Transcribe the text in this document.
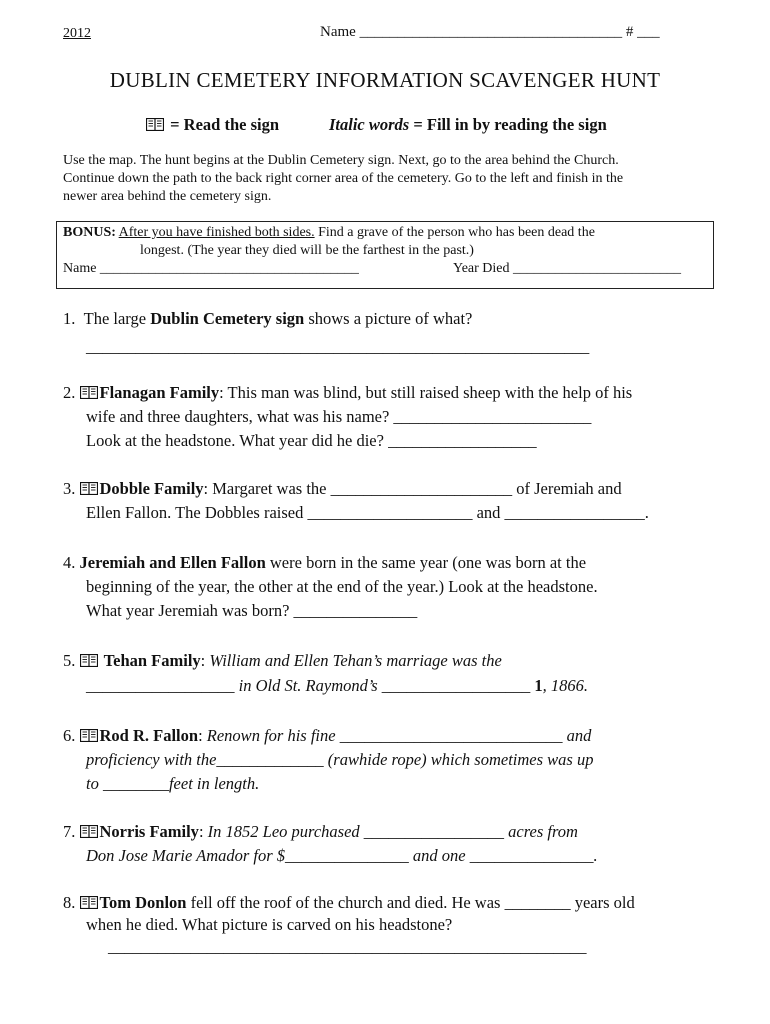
2012	Name ___________________________________ # ___
DUBLIN CEMETERY INFORMATION SCAVENGER HUNT
= Read the sign	Italic words = Fill in by reading the sign
Use the map. The hunt begins at the Dublin Cemetery sign. Next, go to the area behind the Church.
Continue down the path to the back right corner area of the cemetery. Go to the left and finish in the
newer area behind the cemetery sign.
BONUS: After you have finished both sides. Find a grave of the person who has been dead the
longest. (The year they died will be the farthest in the past.)
Name _____________________________________	Year Died ________________________
1. The large Dublin Cemetery sign shows a picture of what?
_____________________________________________________________
2. Flanagan Family: This man was blind, but still raised sheep with the help of his
wife and three daughters, what was his name? ________________________
Look at the headstone. What year did he die? __________________
3. Dobble Family: Margaret was the ______________________ of Jeremiah and
Ellen Fallon. The Dobbles raised ____________________ and _________________.
4. Jeremiah and Ellen Fallon were born in the same year (one was born at the
beginning of the year, the other at the end of the year.) Look at the headstone.
What year Jeremiah was born? _______________
5. Tehan Family: William and Ellen Tehan’s marriage was the
__________________ in Old St. Raymond’s __________________ 1, 1866.
6. Rod R. Fallon: Renown for his fine ___________________________ and
proficiency with the_____________ (rawhide rope) which sometimes was up
to ________feet in length.
7. Norris Family: In 1852 Leo purchased _________________ acres from
Don Jose Marie Amador for $_______________ and one _______________.
8. Tom Donlon fell off the roof of the church and died. He was ________ years old
when he died. What picture is carved on his headstone?
__________________________________________________________
